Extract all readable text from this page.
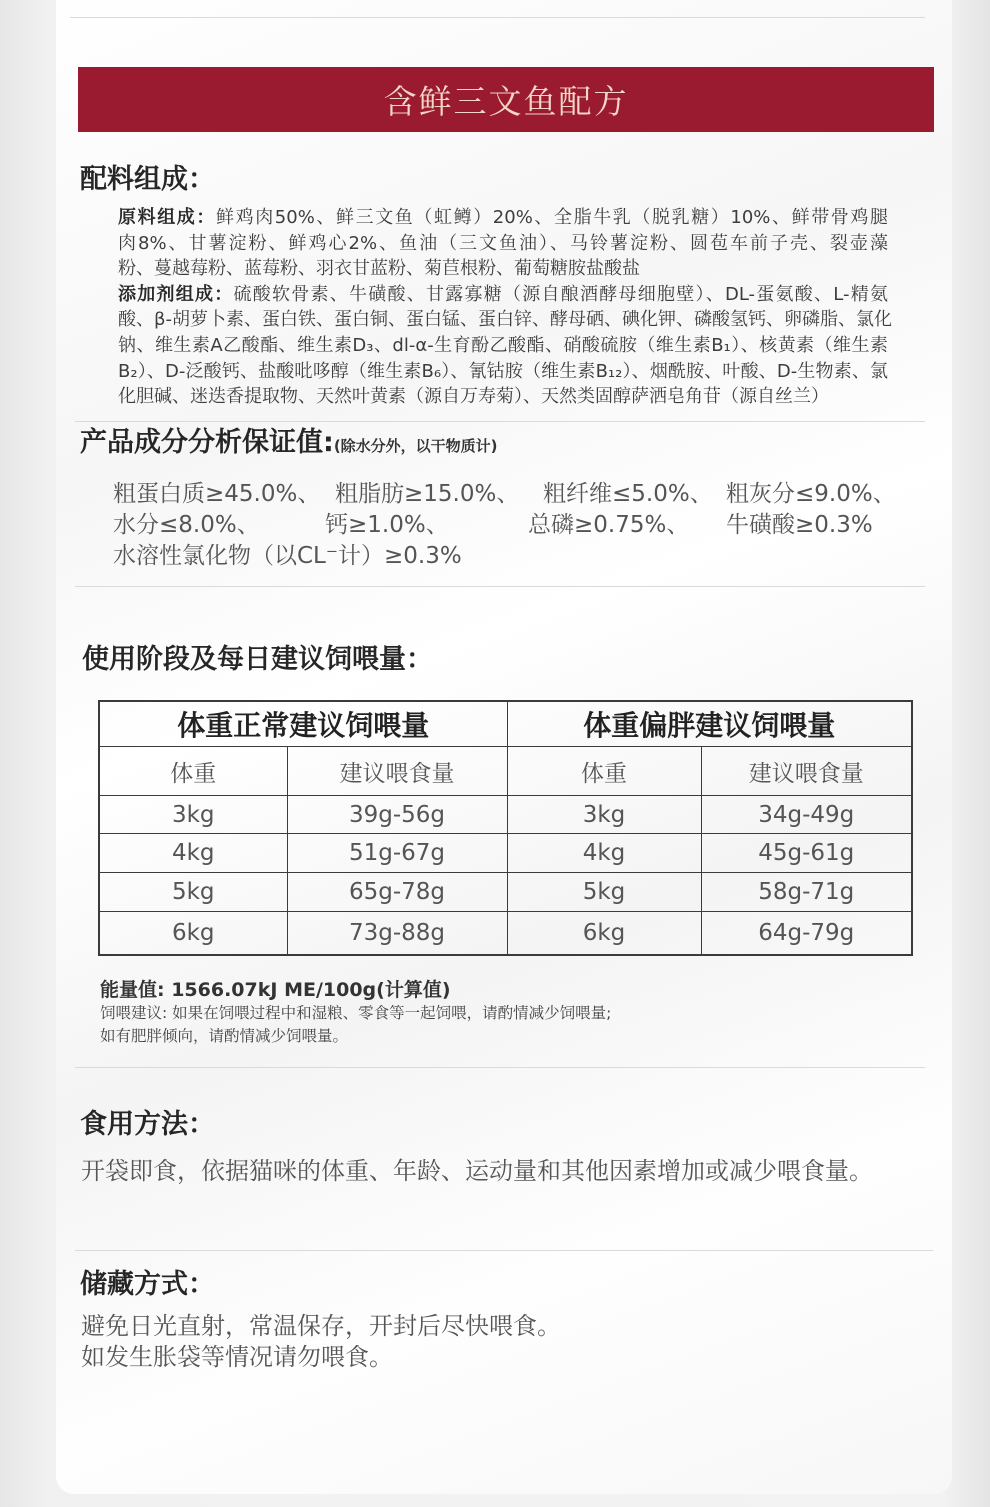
含鲜三文鱼配方
配料组成：
原料组成：鲜鸡肉50%、鲜三文鱼（虹鳟）20%、全脂牛乳（脱乳糖）10%、鲜带骨鸡腿
肉8%、甘薯淀粉、鲜鸡心2%、鱼油（三文鱼油）、马铃薯淀粉、圆苞车前子壳、裂壶藻
粉、蔓越莓粉、蓝莓粉、羽衣甘蓝粉、菊苣根粉、葡萄糖胺盐酸盐
添加剂组成：硫酸软骨素、牛磺酸、甘露寡糖（源自酿酒酵母细胞壁）、DL-蛋氨酸、L-精氨
酸、β-胡萝卜素、蛋白铁、蛋白铜、蛋白锰、蛋白锌、酵母硒、碘化钾、磷酸氢钙、卵磷脂、氯化
钠、维生素A乙酸酯、维生素D₃、dl-α-生育酚乙酸酯、硝酸硫胺（维生素B₁）、核黄素（维生素
B₂）、D-泛酸钙、盐酸吡哆醇（维生素B₆）、氰钴胺（维生素B₁₂）、烟酰胺、叶酸、D-生物素、氯
化胆碱、迷迭香提取物、天然叶黄素（源自万寿菊）、天然类固醇萨洒皂角苷（源自丝兰）
产品成分分析保证值: (除水分外，以干物质计)
粗蛋白质≥45.0%、 粗脂肪≥15.0%、 粗纤维≤5.0%、 粗灰分≤9.0%、
水分≤8.0%、	钙≥1.0%、	总磷≥0.75%、 牛磺酸≥0.3%
水溶性氯化物（以CL⁻计）≥0.3%
使用阶段及每日建议饲喂量：
体重正常建议饲喂量		体重偏胖建议饲喂量	
体重	建议喂食量	体重	建议喂食量
3kg	39g-56g	3kg	34g-49g
4kg	51g-67g	4kg	45g-61g
5kg	65g-78g	5kg	58g-71g
6kg	73g-88g	6kg	64g-79g
能量值: 1566.07kJ ME/100g(计算值)
饲喂建议: 如果在饲喂过程中和湿粮、零食等一起饲喂，请酌情减少饲喂量;
如有肥胖倾向，请酌情减少饲喂量。
食用方法：
开袋即食，依据猫咪的体重、年龄、运动量和其他因素增加或减少喂食量。
储藏方式：
避免日光直射，常温保存，开封后尽快喂食。
如发生胀袋等情况请勿喂食。
